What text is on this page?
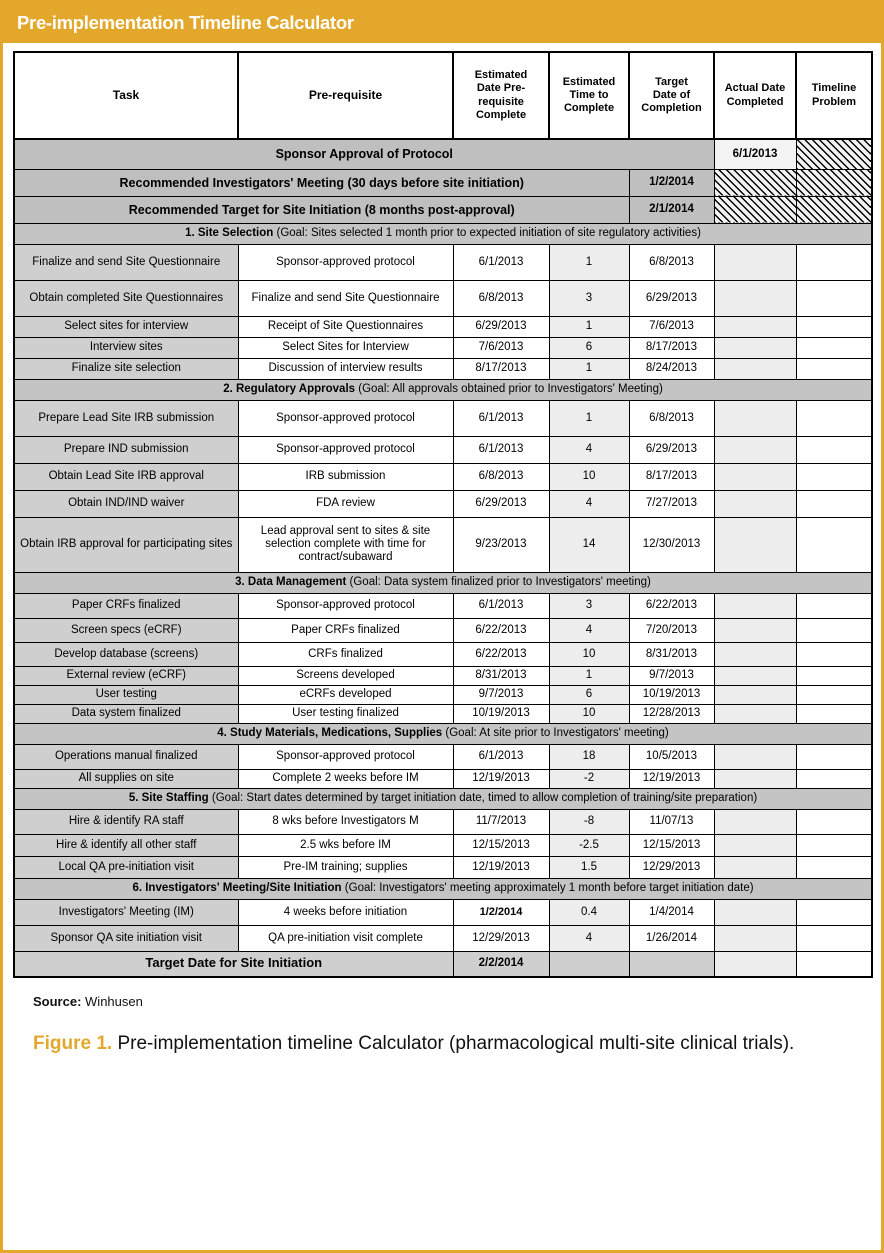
Pre-implementation Timeline Calculator
Task	Pre-requisite	Estimated
Date Pre-
requisite
Complete	Estimated
Time to
Complete	Target
Date of
Completion	Actual Date
Completed	Timeline
Problem
Sponsor Approval of Protocol					6/1/2013	
Recommended Investigators' Meeting (30 days before site initiation)				1/2/2014		
Recommended Target for Site Initiation (8 months post-approval)				2/1/2014		
1. Site Selection (Goal: Sites selected 1 month prior to expected initiation of site regulatory activities)						
Finalize and send Site Questionnaire	Sponsor-approved protocol	6/1/2013	1	6/8/2013		
Obtain completed Site Questionnaires	Finalize and send Site Questionnaire	6/8/2013	3	6/29/2013		
Select sites for interview	Receipt of Site Questionnaires	6/29/2013	1	7/6/2013		
Interview sites	Select Sites for Interview	7/6/2013	6	8/17/2013		
Finalize site selection	Discussion of interview results	8/17/2013	1	8/24/2013		
2. Regulatory Approvals (Goal: All approvals obtained prior to Investigators' Meeting)						
Prepare Lead Site IRB submission	Sponsor-approved protocol	6/1/2013	1	6/8/2013		
Prepare IND submission	Sponsor-approved protocol	6/1/2013	4	6/29/2013		
Obtain Lead Site IRB approval	IRB submission	6/8/2013	10	8/17/2013		
Obtain IND/IND waiver	FDA review	6/29/2013	4	7/27/2013		
Obtain IRB approval for participating sites	Lead approval sent to sites & site selection complete with time for contract/subaward	9/23/2013	14	12/30/2013		
3. Data Management (Goal: Data system finalized prior to Investigators' meeting)						
Paper CRFs finalized	Sponsor-approved protocol	6/1/2013	3	6/22/2013		
Screen specs (eCRF)	Paper CRFs finalized	6/22/2013	4	7/20/2013		
Develop database (screens)	CRFs finalized	6/22/2013	10	8/31/2013		
External review (eCRF)	Screens developed	8/31/2013	1	9/7/2013		
User testing	eCRFs developed	9/7/2013	6	10/19/2013		
Data system finalized	User testing finalized	10/19/2013	10	12/28/2013		
4. Study Materials, Medications, Supplies (Goal: At site prior to Investigators' meeting)						
Operations manual finalized	Sponsor-approved protocol	6/1/2013	18	10/5/2013		
All supplies on site	Complete 2 weeks before IM	12/19/2013	-2	12/19/2013		
5. Site Staffing (Goal: Start dates determined by target initiation date, timed to allow completion of training/site preparation)						
Hire & identify RA staff	8 wks before Investigators M	11/7/2013	-8	11/07/13		
Hire & identify all other staff	2.5 wks before IM	12/15/2013	-2.5	12/15/2013		
Local QA pre-initiation visit	Pre-IM training; supplies	12/19/2013	1.5	12/29/2013		
6. Investigators' Meeting/Site Initiation (Goal: Investigators' meeting approximately 1 month before target initiation date)						
Investigators' Meeting (IM)	4 weeks before initiation	1/2/2014	0.4	1/4/2014		
Sponsor QA site initiation visit	QA pre-initiation visit complete	12/29/2013	4	1/26/2014		
Target Date for Site Initiation		2/2/2014				
Source: Winhusen
Figure 1. Pre-implementation timeline Calculator (pharmacological multi-site clinical trials).
